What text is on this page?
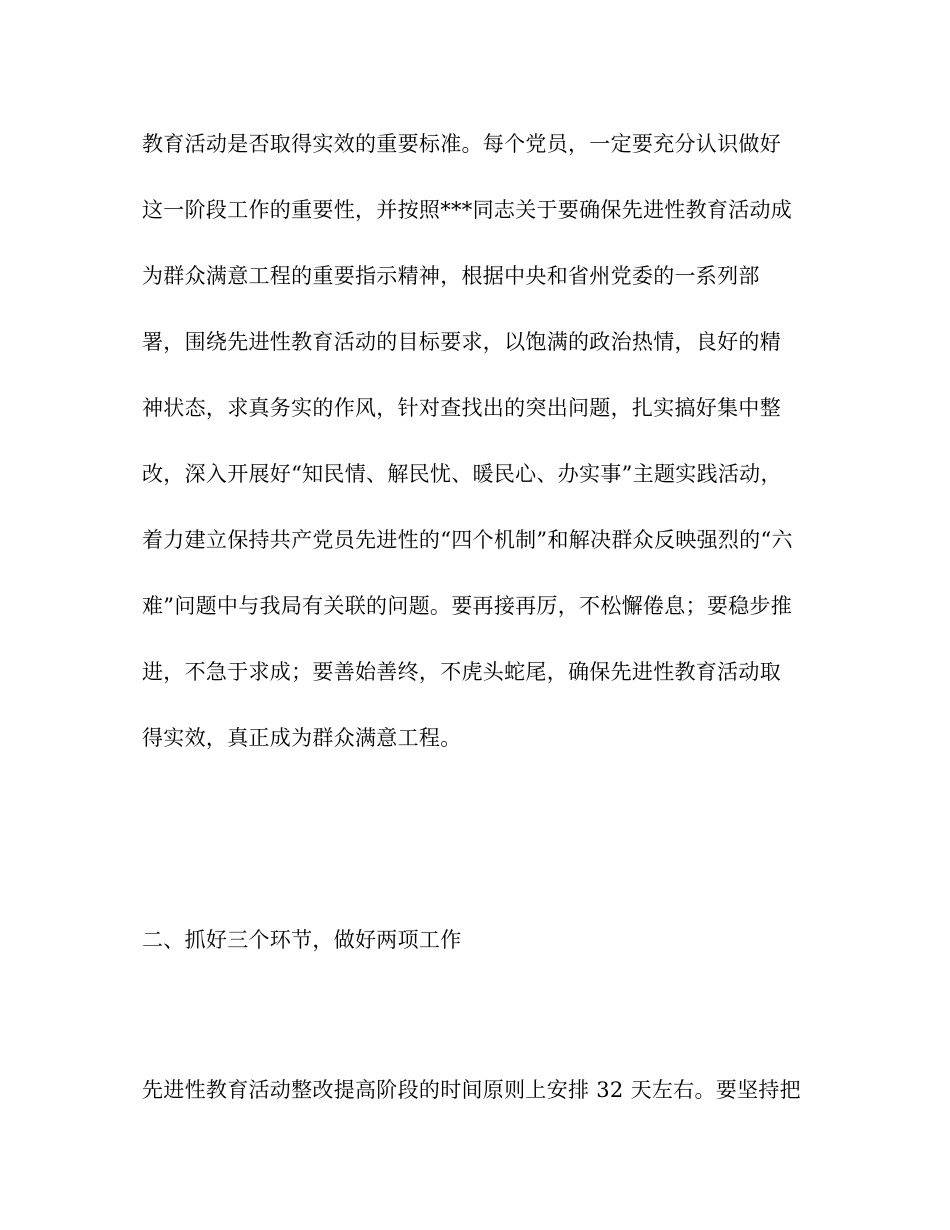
教育活动是否取得实效的重要标准。每个党员，一定要充分认识做好
这一阶段工作的重要性，并按照***同志关于要确保先进性教育活动成
为群众满意工程的重要指示精神，根据中央和省州党委的一系列部
署，围绕先进性教育活动的目标要求，以饱满的政治热情，良好的精
神状态，求真务实的作风，针对查找出的突出问题，扎实搞好集中整
改，深入开展好“知民情、解民忧、暖民心、办实事”主题实践活动，
着力建立保持共产党员先进性的“四个机制”和解决群众反映强烈的“六
难”问题中与我局有关联的问题。要再接再厉，不松懈倦息；要稳步推
进，不急于求成；要善始善终，不虎头蛇尾，确保先进性教育活动取
得实效，真正成为群众满意工程。
二、抓好三个环节，做好两项工作
先进性教育活动整改提高阶段的时间原则上安排 32 天左右。要坚持把
